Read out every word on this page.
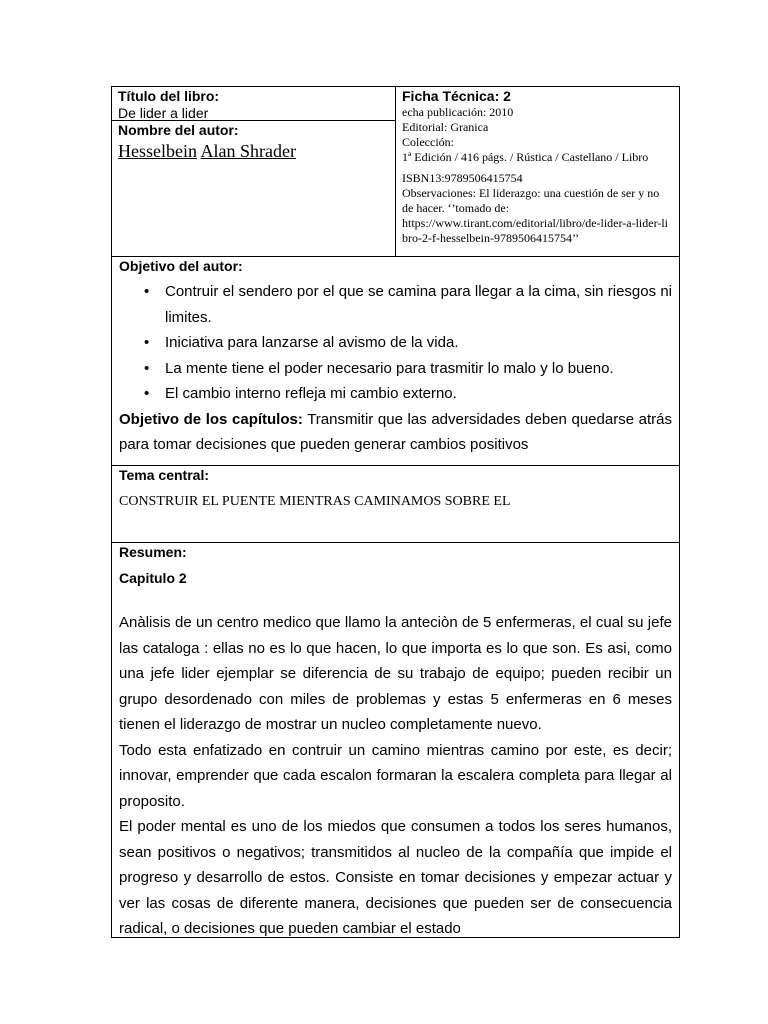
Título del libro:
De lider a lider
Nombre del autor:
Hesselbein Alan Shrader
Ficha Técnica: 2
echa publicación: 2010
Editorial: Granica
Colección:
1ª Edición / 416 págs. / Rústica / Castellano / Libro
ISBN13:9789506415754
Observaciones: El liderazgo: una cuestión de ser y no de hacer. ‘’tomado de:
https://www.tirant.com/editorial/libro/de-lider-a-lider-libro-2-f-hesselbein-9789506415754’’
Objetivo del autor:
• Contruir el sendero por el que se camina para llegar a la cima, sin riesgos ni limites.
• Iniciativa para lanzarse al avismo de la vida.
• La mente tiene el poder necesario para trasmitir lo malo y lo bueno.
• El cambio interno refleja mi cambio externo.
Objetivo de los capítulos: Transmitir que las adversidades deben quedarse atrás para tomar decisiones que pueden generar cambios positivos
Tema central:
CONSTRUIR EL PUENTE MIENTRAS CAMINAMOS SOBRE EL
Resumen:
Capitulo 2
Anàlisis de un centro medico que llamo la anteciòn de 5 enfermeras, el cual su jefe las cataloga : ellas no es lo que hacen, lo que importa es lo que son. Es asi, como una jefe lider ejemplar se diferencia de su trabajo de equipo; pueden recibir un grupo desordenado con miles de problemas y estas 5 enfermeras en 6 meses tienen el liderazgo de mostrar un nucleo completamente nuevo.
Todo esta enfatizado en contruir un camino mientras camino por este, es decir; innovar, emprender que cada escalon formaran la escalera completa para llegar al proposito.
El poder mental es uno de los miedos que consumen a todos los seres humanos, sean positivos o negativos; transmitidos al nucleo de la compañía que impide el progreso y desarrollo de estos. Consiste en tomar decisiones y empezar actuar y ver las cosas de diferente manera, decisiones que pueden ser de consecuencia radical, o decisiones que pueden cambiar el estado
